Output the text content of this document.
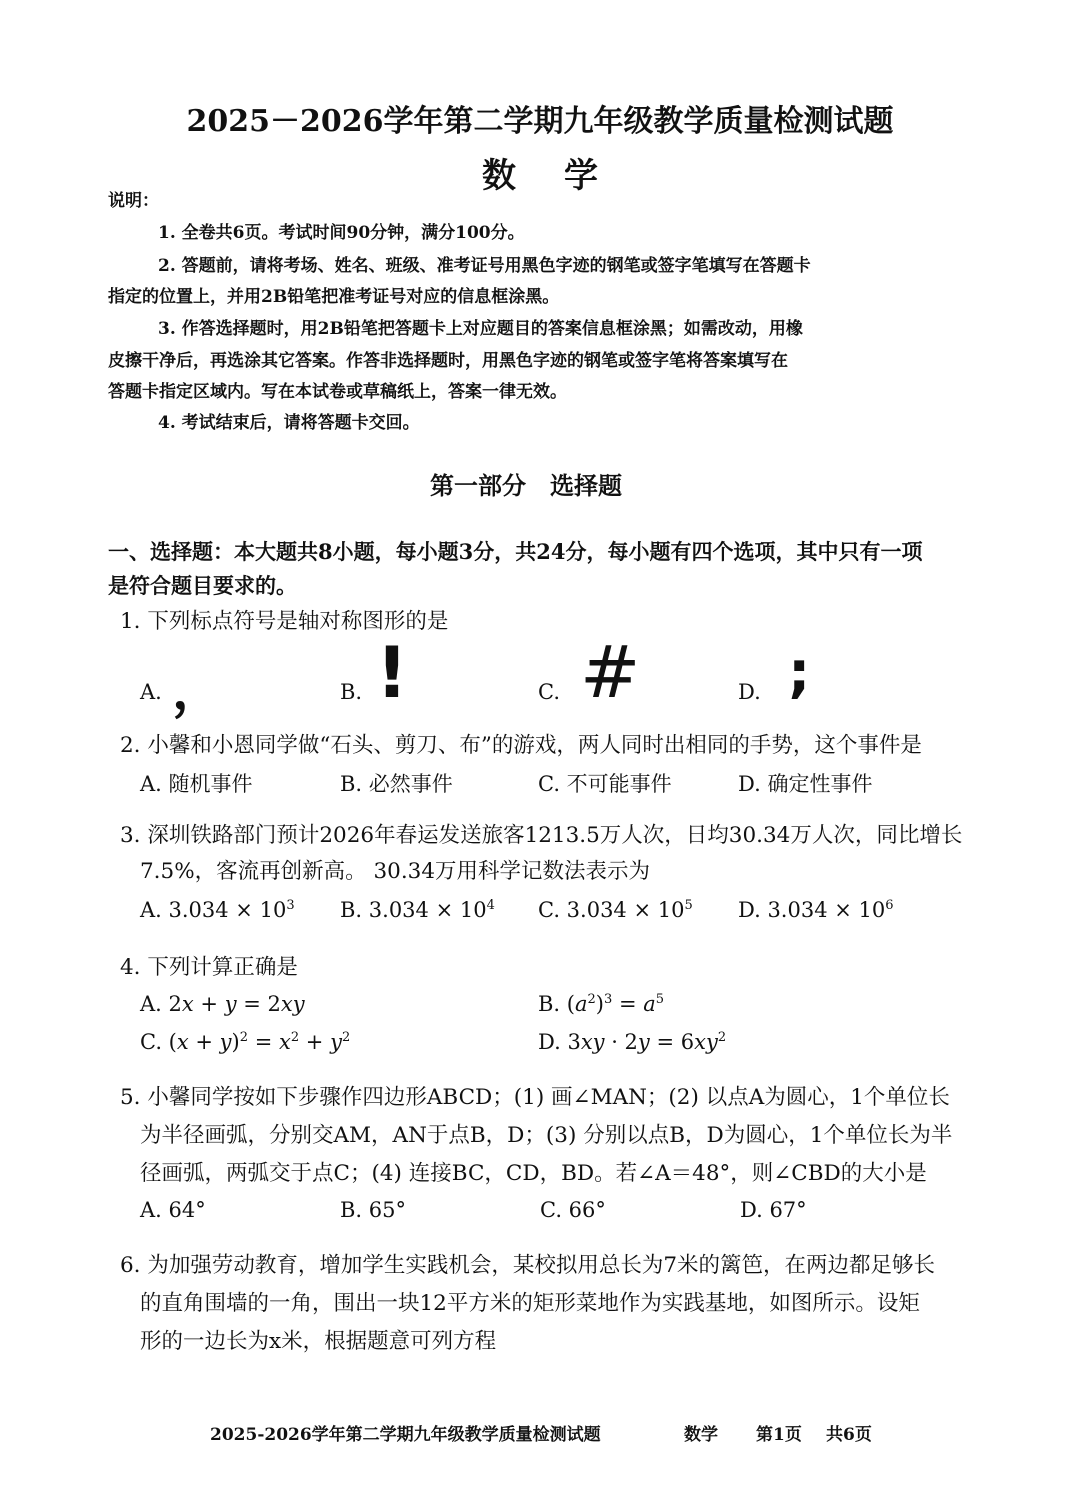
2025－2026学年第二学期九年级教学质量检测试题
数学
说明：
1. 全卷共6页。考试时间90分钟，满分100分。
2. 答题前，请将考场、姓名、班级、准考证号用黑色字迹的钢笔或签字笔填写在答题卡
指定的位置上，并用2B铅笔把准考证号对应的信息框涂黑。
3. 作答选择题时，用2B铅笔把答题卡上对应题目的答案信息框涂黑；如需改动，用橡
皮擦干净后，再选涂其它答案。作答非选择题时，用黑色字迹的钢笔或签字笔将答案填写在
答题卡指定区域内。写在本试卷或草稿纸上，答案一律无效。
4. 考试结束后，请将答题卡交回。
第一部分　选择题
一、选择题：本大题共8小题，每小题3分，共24分，每小题有四个选项，其中只有一项
是符合题目要求的。
1. 下列标点符号是轴对称图形的是
A. ，	B. !	C. #	D. ;
2. 小馨和小恩同学做“石头、剪刀、布”的游戏，两人同时出相同的手势，这个事件是
A. 随机事件	B. 必然事件	C. 不可能事件	D. 确定性事件
3. 深圳铁路部门预计2026年春运发送旅客1213.5万人次，日均30.34万人次，同比增长
7.5%，客流再创新高。 30.34万用科学记数法表示为
A. $3.034 \times 10^3$ B. $3.034 \times 10^4$ C. $3.034 \times 10^5$ D. $3.034 \times 10^6$
4. 下列计算正确是
A. 2x + y = 2xy	B. $(a^2)^3 = a^5$
C. $(x + y)^2 = x^2 + y^2$	D. $3xy \cdot 2y = 6xy^2$
5. 小馨同学按如下步骤作四边形ABCD；(1) 画∠MAN；(2) 以点A为圆心，1个单位长
为半径画弧，分别交AM，AN于点B，D；(3) 分别以点B，D为圆心，1个单位长为半
径画弧，两弧交于点C；(4) 连接BC，CD，BD。若∠A＝48°，则∠CBD的大小是
A. 64°	B. 65°	C. 66°	D. 67°
6. 为加强劳动教育，增加学生实践机会，某校拟用总长为7米的篱笆，在两边都足够长
的直角围墙的一角，围出一块12平方米的矩形菜地作为实践基地，如图所示。设矩
形的一边长为x米，根据题意可列方程
2025-2026学年第二学期九年级教学质量检测试题	数学 第1页 共6页
